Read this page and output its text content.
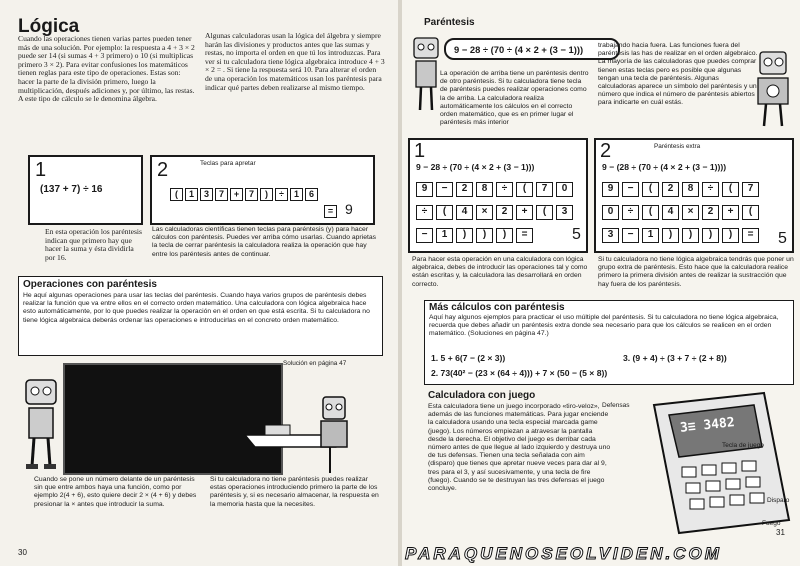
Lógica
Cuando las operaciones tienen varias partes pueden tener más de una solución. Por ejemplo: la respuesta a 4 + 3 × 2 puede ser 14 (si sumas 4 + 3 primero) o 10 (si multiplicas primero 3 × 2). Para evitar confusiones los matemáticos tienen reglas para este tipo de operaciones. Estas son: hacer la parte de la división primero, luego la multiplicación, después adiciones y, por último, las restas. A este tipo de cálculo se le denomina álgebra.
Algunas calculadoras usan la lógica del álgebra y siempre harán las divisiones y productos antes que las sumas y restas, no importa el orden en que tú los introduzcas. Para ver si tu calculadora tiene lógica algebraica introduce 4 + 3 × 2 = . Si tiene la respuesta será 10. Para alterar el orden de una operación los matemáticos usan los paréntesis para indicar qué partes deben realizarse al mismo tiempo.
1
(137 + 7) ÷ 16
2	Teclas para apretar
( 1 3 7 + 7 ) ÷ 1 6
= 9
En esta operación los paréntesis indican que primero hay que hacer la suma y ésta dividirla por 16.
Las calculadoras científicas tienen teclas para paréntesis (y) para hacer cálculos con paréntesis. Puedes ver arriba cómo usarlas. Cuando aprietas la tecla de cerrar paréntesis la calculadora realiza la operación que hay entre los paréntesis antes de continuar.
Operaciones con paréntesis
He aquí algunas operaciones para usar las teclas del paréntesis. Cuando haya varios grupos de paréntesis debes realizar la función que va entre ellos en el correcto orden matemático. Una calculadora con lógica algebraica hace esto automáticamente, por lo que puedes realizar la operación en el orden en que está escrita. Si tu calculadora no tiene lógica algebraica deberás ordenar las operaciones e introducirlas en el concreto orden matemático.
Solución en página 47
Cuando se pone un número delante de un paréntesis sin que entre ambos haya una función, como por ejemplo 2(4 + 6), esto quiere decir 2 × (4 + 6) y debes presionar la × antes que introducir la suma.
Si tu calculadora no tiene paréntesis puedes realizar estas operaciones introduciendo primero la parte de los paréntesis y, si es necesario almacenar, la respuesta en la memoria hasta que la necesites.
30
Paréntesis
9 − 28 ÷ (70 ÷ (4 × 2 + (3 − 1)))
La operación de arriba tiene un paréntesis dentro de otro paréntesis. Si tu calculadora tiene tecla de paréntesis puedes realizar operaciones como la de arriba. La calculadora realiza automáticamente los cálculos en el correcto orden matemático, que es en primer lugar el paréntesis más interior
trabajando hacia fuera. Las funciones fuera del paréntesis las has de realizar en el orden algebraico. La mayoría de las calculadoras que puedes comprar tienen estas teclas pero es posible que algunas tengan una tecla de paréntesis. Algunas calculadoras aparece un símbolo del paréntesis y un número que indica el número de paréntesis abiertos para indicarte en cuál estás.
1
9 − 28 ÷ (70 ÷ (4 × 2 + (3 − 1)))
9 − 2 8 ÷ ( 7 0
÷ ( 4 × 2 + ( 3
− 1 ) ) ) =	5
2	Paréntesis extra
9 − (28 ÷ (70 ÷ (4 × 2 + (3 − 1))))
9 − ( 2 8 ÷ ( 7
0 ÷ ( 4 × 2 + (
3 − 1 ) ) ) ) =	5
Para hacer esta operación en una calculadora con lógica algebraica, debes de introducir las operaciones tal y como están escritas y, la calculadora las desarrollará en orden correcto.
Si tu calculadora no tiene lógica algebraica tendrás que poner un grupo extra de paréntesis. Esto hace que la calculadora realice primero la primera división antes de realizar la sustracción que hay fuera de los paréntesis.
Más cálculos con paréntesis
Aquí hay algunos ejemplos para practicar el uso múltiple del paréntesis. Si tu calculadora no tiene lógica algebraica, recuerda que debes añadir un paréntesis extra donde sea necesario para que los cálculos se realicen en el orden matemático. (Soluciones en página 47.)
1. 5 + 6(7 − (2 × 3))
2. 73(40² − (23 × (64 ÷ 4))) + 7 × (50 − (5 × 8))
3. (9 + 4) ÷ (3 + 7 ÷ (2 + 8))
Calculadora con juego
Esta calculadora tiene un juego incorporado «tiro-veloz», además de las funciones matemáticas. Para jugar enciende la calculadora usando una tecla especial marcada game (juego). Los números empiezan a atravesar la pantalla desde la derecha. El objetivo del juego es derribar cada número antes de que llegue al lado izquierdo y destruya uno de tus defensas. Tienen una tecla señalada con aim (disparo) que tienes que apretar nueve veces para dar al 9, tres para el 3, y así sucesivamente, y una tecla de fire (fuego). Cuando se te destruyan las tres defensas el juego concluye.
3≡ 3482
Defensas
Tecla de juego
Disparo
Fuego
31
PARAQUENOSEOLVIDEN.COM
